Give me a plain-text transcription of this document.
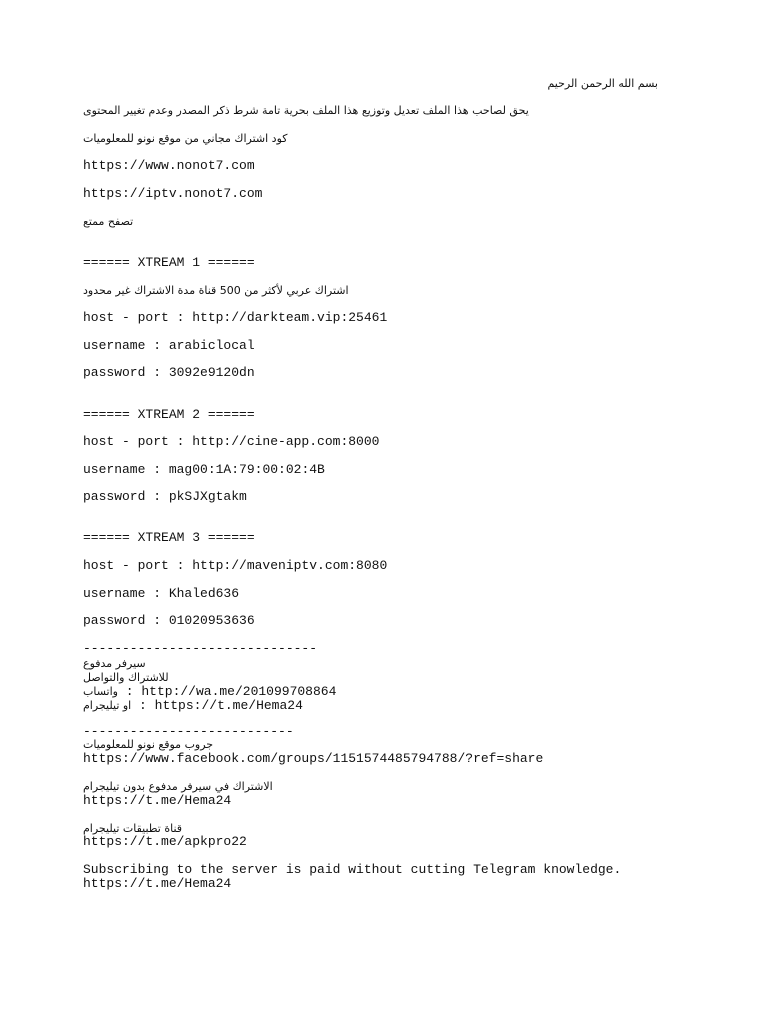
بسم الله الرحمن الرحيم
يحق لصاحب هذا الملف تعديل وتوزيع هذا الملف بحرية تامة شرط ذكر المصدر وعدم تغيير المحتوى
كود اشتراك مجاني من موقع نونو للمعلوميات
https://www.nonot7.com
https://iptv.nonot7.com
تصفح ممتع
====== XTREAM 1 ======
اشتراك عربي لأكثر من 500 قناة مدة الاشتراك غير محدود
host - port : http://darkteam.vip:25461
username : arabiclocal
password : 3092e9120dn
====== XTREAM 2 ======
host - port : http://cine-app.com:8000
username : mag00:1A:79:00:02:4B
password : pkSJXgtakm
====== XTREAM 3 ======
host - port : http://maveniptv.com:8080
username : Khaled636
password : 01020953636
------------------------------
سيرفر مدفوع
للاشتراك والتواصل
واتساب : http://wa.me/201099708864
او تيليجرام : https://t.me/Hema24
---------------------------
جروب موقع نونو للمعلوميات
https://www.facebook.com/groups/1151574485794788/?ref=share
الاشتراك في سيرفر مدفوع بدون تيليجرام
https://t.me/Hema24
قناة تطبيقات تيليجرام
https://t.me/apkpro22
Subscribing to the server is paid without cutting Telegram knowledge.
https://t.me/Hema24
